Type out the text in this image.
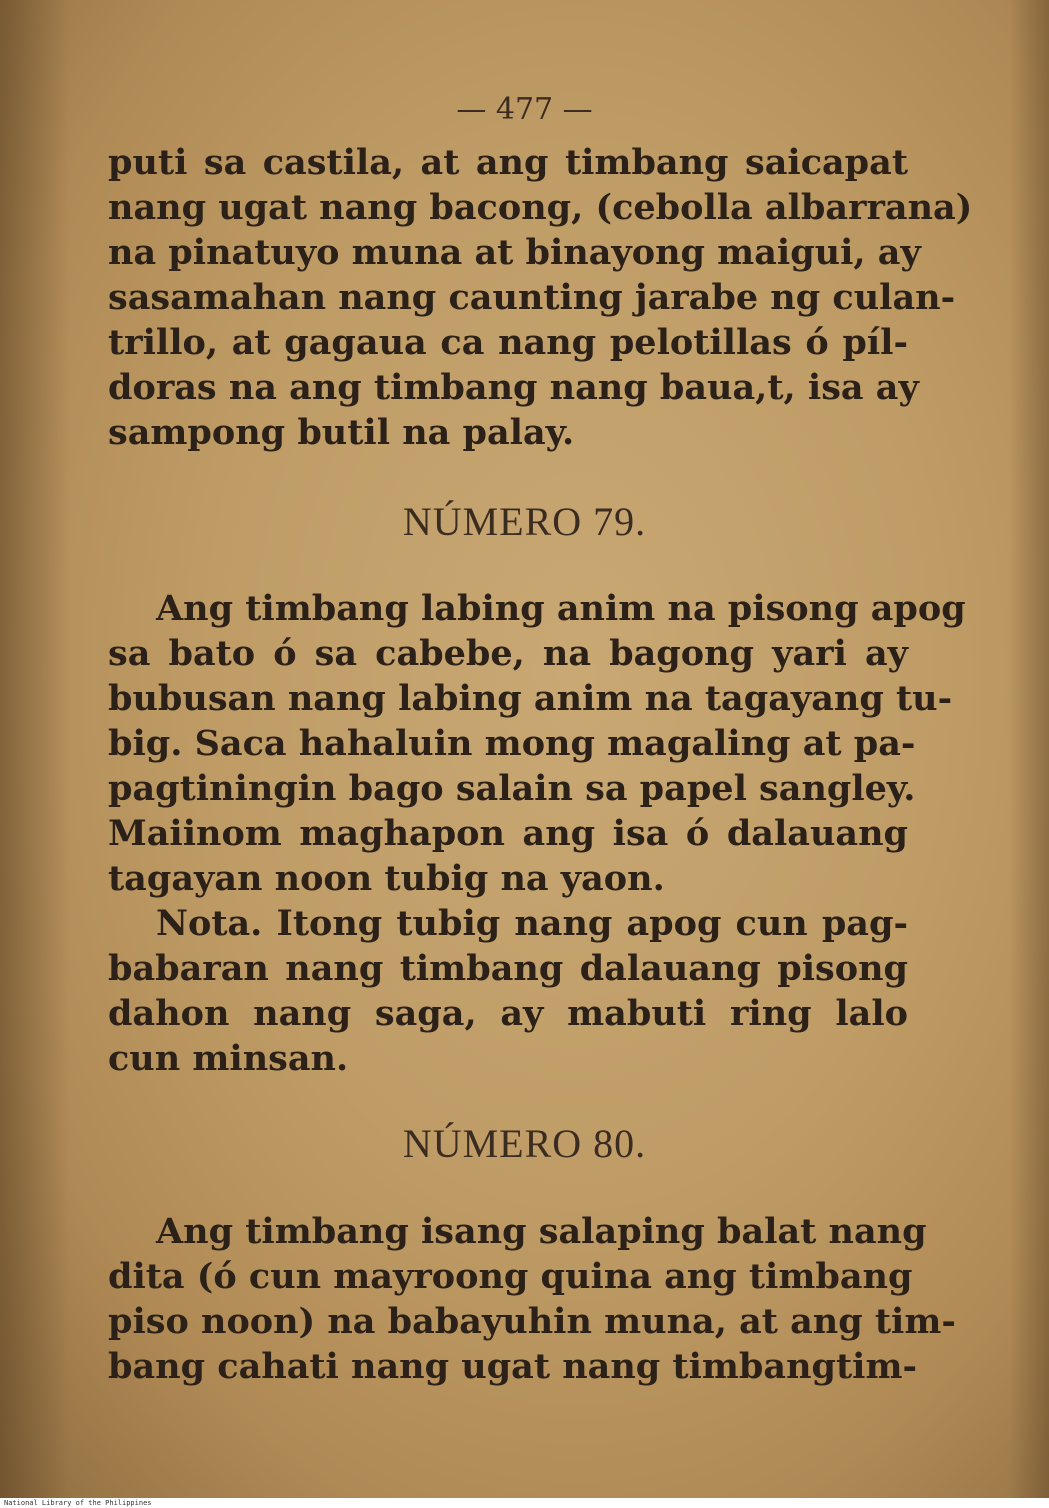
— 477 —
puti sa castila, at ang timbang saicapat
nang ugat nang bacong, (cebolla albarrana)
na pinatuyo muna at binayong maigui, ay
sasamahan nang caunting jarabe ng culan-
trillo, at gagaua ca nang pelotillas ó píl-
doras na ang timbang nang baua,t, isa ay
sampong butil na palay.
NÚMERO 79.
Ang timbang labing anim na pisong apog
sa bato ó sa cabebe, na bagong yari ay
bubusan nang labing anim na tagayang tu-
big. Saca hahaluin mong magaling at pa-
pagtiningin bago salain sa papel sangley.
Maiinom maghapon ang isa ó dalauang
tagayan noon tubig na yaon.
Nota. Itong tubig nang apog cun pag-
babaran nang timbang dalauang pisong
dahon nang saga, ay mabuti ring lalo
cun minsan.
NÚMERO 80.
Ang timbang isang salaping balat nang
dita (ó cun mayroong quina ang timbang
piso noon) na babayuhin muna, at ang tim-
bang cahati nang ugat nang timbangtim-
National Library of the Philippines
